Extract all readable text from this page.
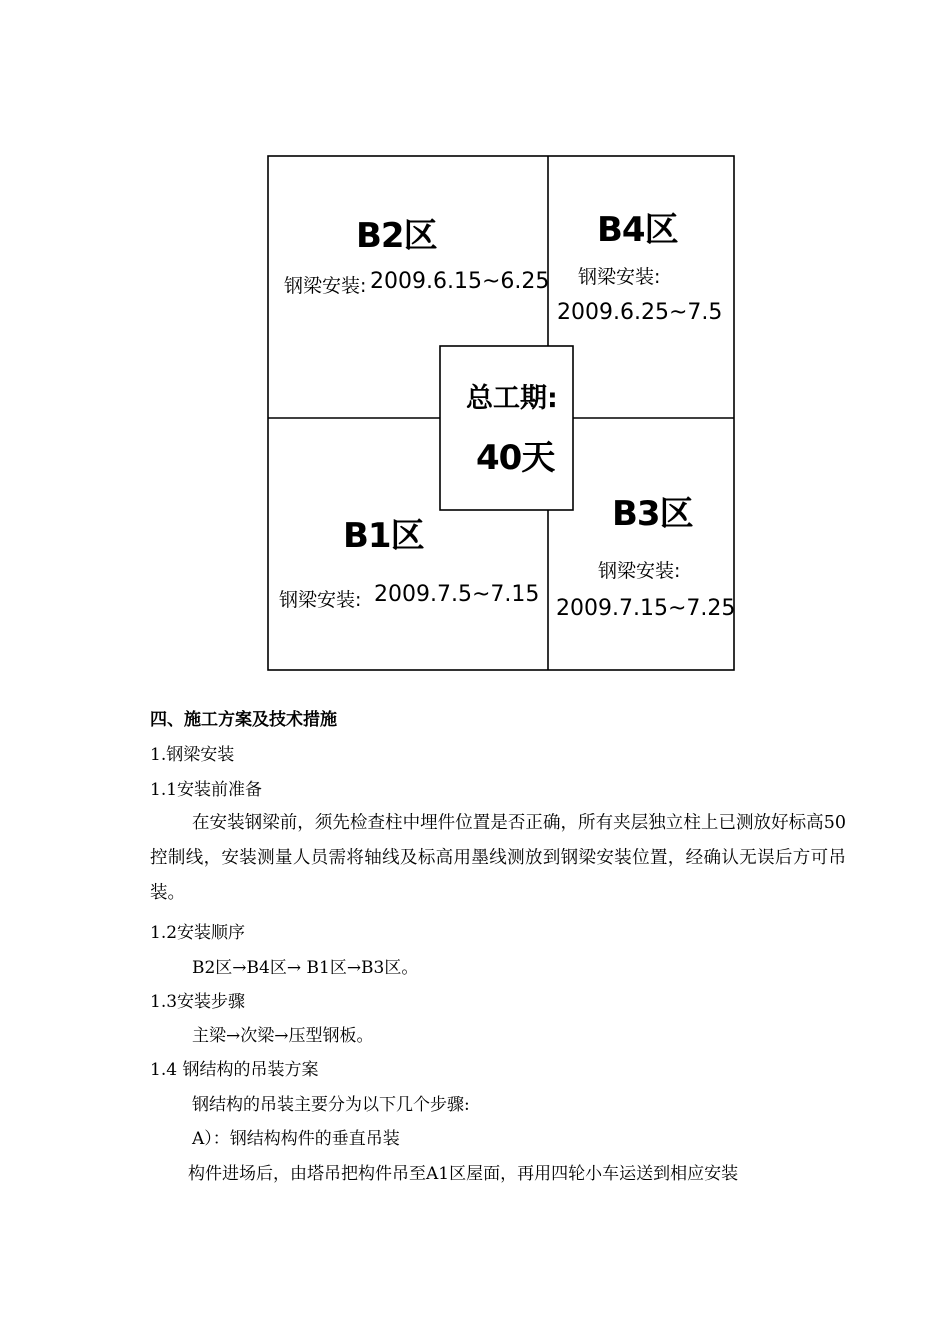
B2区
钢梁安装: 2009.6.15~6.25
B4区
钢梁安装:
2009.6.25~7.5
总工期:
40天
B1区
钢梁安装: 2009.7.5~7.15
B3区
钢梁安装:
2009.7.15~7.25
四、施工方案及技术措施
1.钢梁安装
1.1安装前准备
在安装钢梁前，须先检查柱中埋件位置是否正确，所有夹层独立柱上已测放好标高50控制线，安装测量人员需将轴线及标高用墨线测放到钢梁安装位置，经确认无误后方可吊装。
1.2安装顺序
B2区→B4区→ B1区→B3区。
1.3安装步骤
主梁→次梁→压型钢板。
1.4 钢结构的吊装方案
钢结构的吊装主要分为以下几个步骤:
A）：钢结构构件的垂直吊装
构件进场后，由塔吊把构件吊至A1区屋面，再用四轮小车运送到相应安装
